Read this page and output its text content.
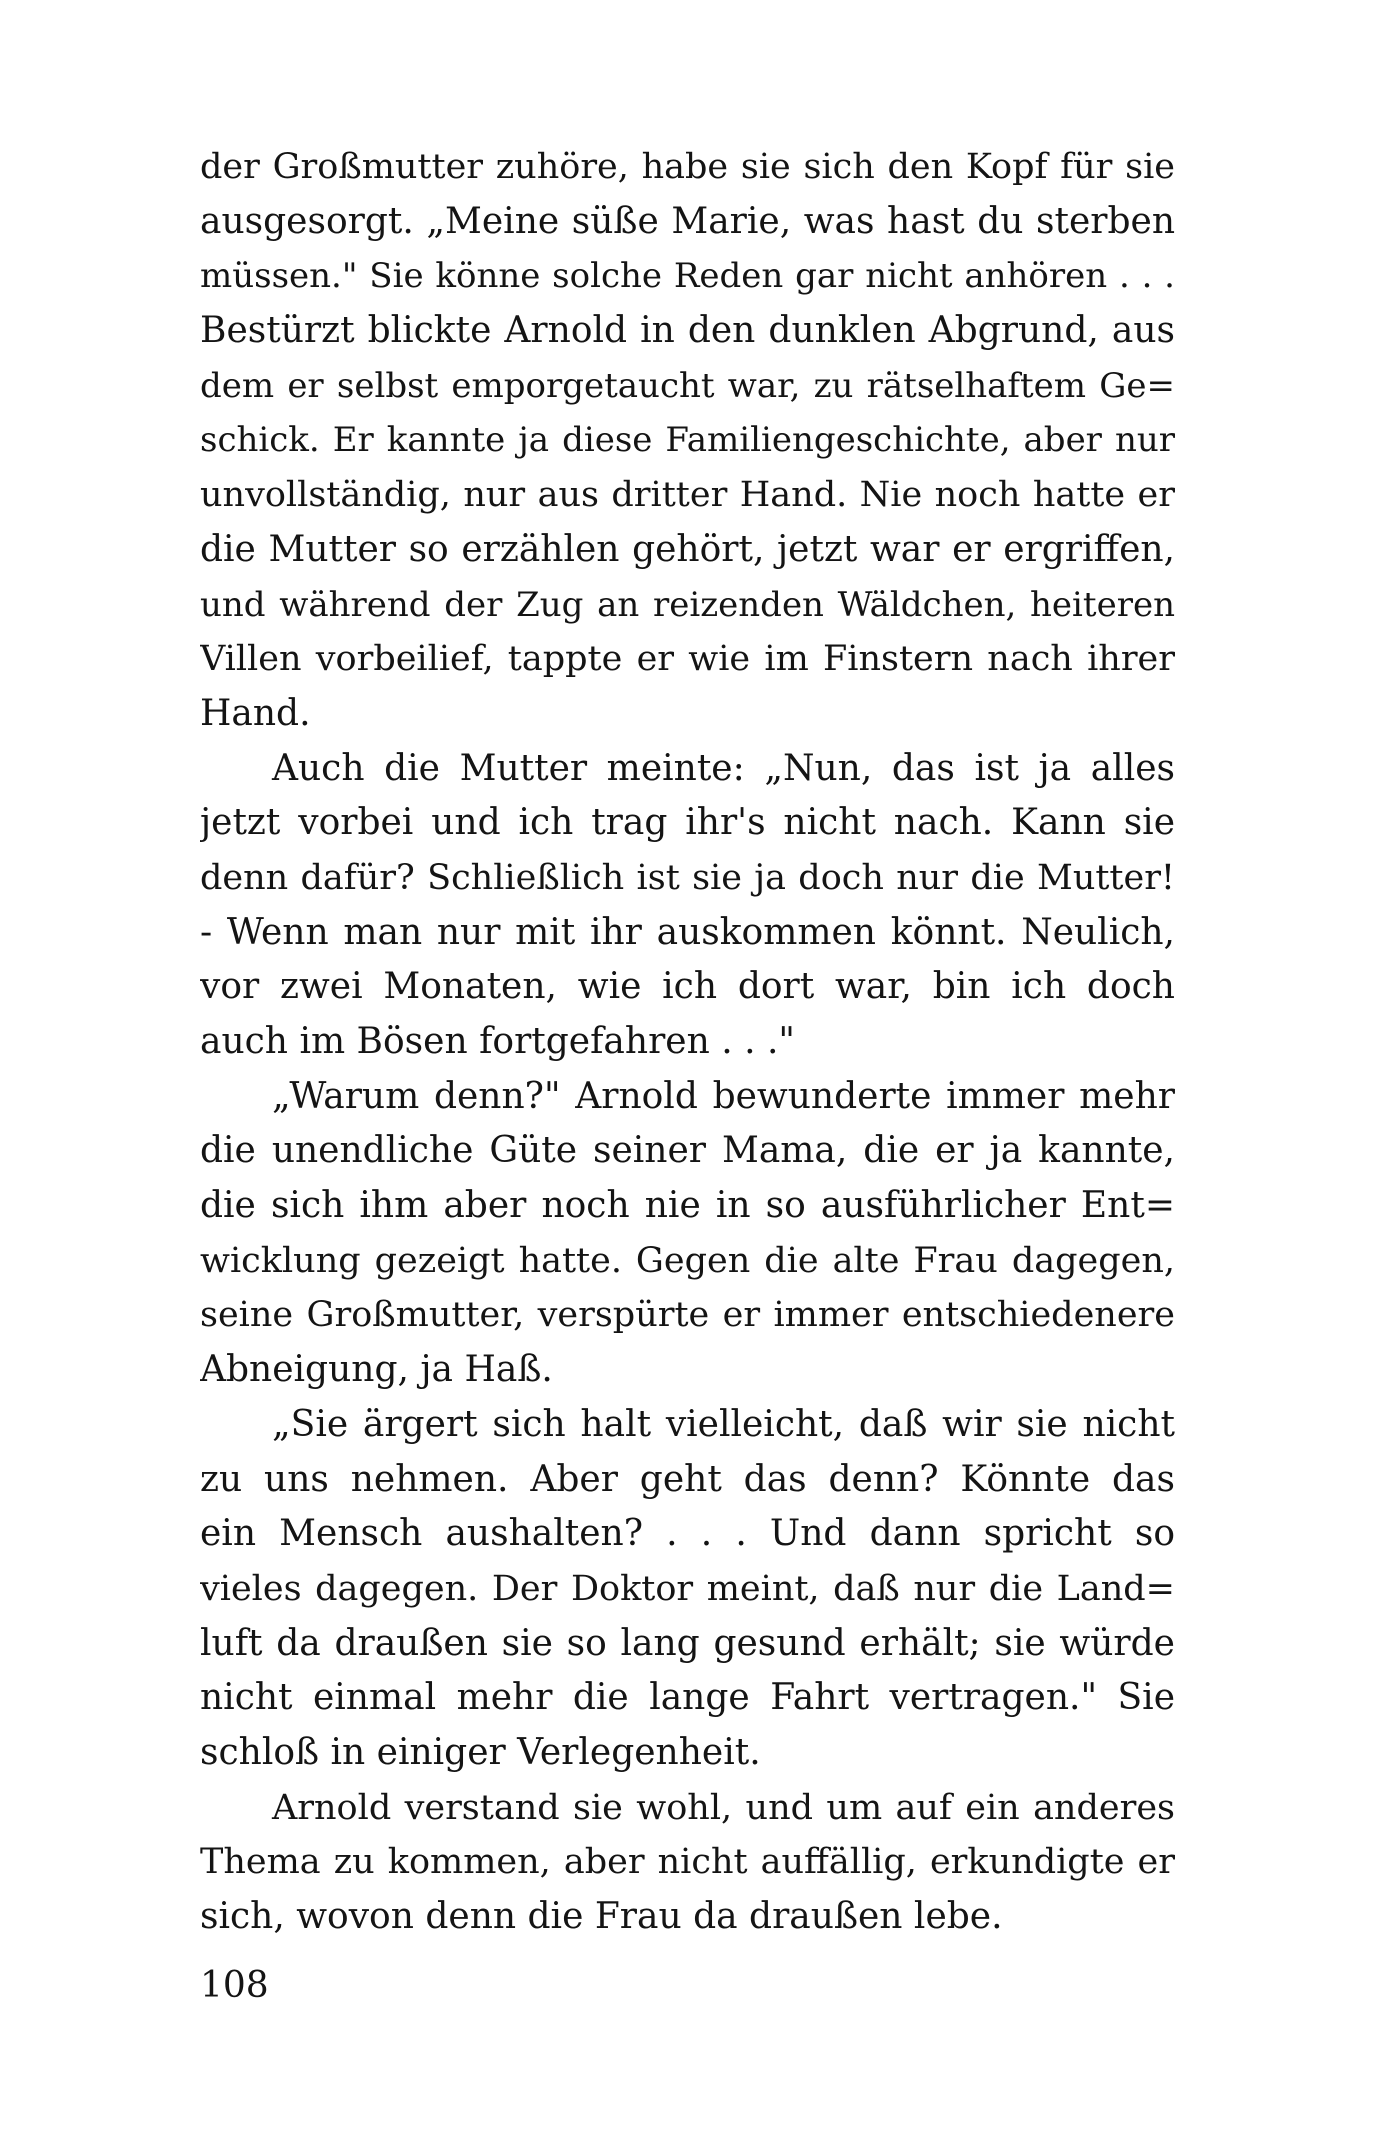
der Großmutter zuhöre, habe sie sich den Kopf für sie
ausgesorgt. „Meine süße Marie, was hast du sterben
müssen." Sie könne solche Reden gar nicht anhören . . .
Bestürzt blickte Arnold in den dunklen Abgrund, aus
dem er selbst emporgetaucht war, zu rätselhaftem Ge=
schick. Er kannte ja diese Familiengeschichte, aber nur
unvollständig, nur aus dritter Hand. Nie noch hatte er
die Mutter so erzählen gehört, jetzt war er ergriffen,
und während der Zug an reizenden Wäldchen, heiteren
Villen vorbeilief, tappte er wie im Finstern nach ihrer
Hand.
Auch die Mutter meinte: „Nun, das ist ja alles
jetzt vorbei und ich trag ihr's nicht nach. Kann sie
denn dafür? Schließlich ist sie ja doch nur die Mutter!
- Wenn man nur mit ihr auskommen könnt. Neulich,
vor zwei Monaten, wie ich dort war, bin ich doch
auch im Bösen fortgefahren . . ."
„Warum denn?" Arnold bewunderte immer mehr
die unendliche Güte seiner Mama, die er ja kannte,
die sich ihm aber noch nie in so ausführlicher Ent=
wicklung gezeigt hatte. Gegen die alte Frau dagegen,
seine Großmutter, verspürte er immer entschiedenere
Abneigung, ja Haß.
„Sie ärgert sich halt vielleicht, daß wir sie nicht
zu uns nehmen. Aber geht das denn? Könnte das
ein Mensch aushalten? . . . Und dann spricht so
vieles dagegen. Der Doktor meint, daß nur die Land=
luft da draußen sie so lang gesund erhält; sie würde
nicht einmal mehr die lange Fahrt vertragen." Sie
schloß in einiger Verlegenheit.
Arnold verstand sie wohl, und um auf ein anderes
Thema zu kommen, aber nicht auffällig, erkundigte er
sich, wovon denn die Frau da draußen lebe.
108
